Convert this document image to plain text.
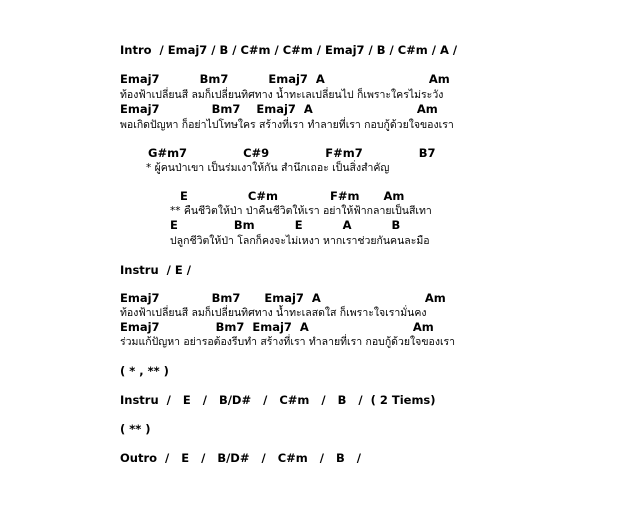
Intro  / Emaj7 / B / C#m / C#m / Emaj7 / B / C#m / A /
Emaj7          Bm7          Emaj7  A                          Am
ท้องฟ้าเปลี่ยนสี ลมก็เปลี่ยนทิศทาง น้ำทะเลเปลี่ยนไป ก็เพราะใครไม่ระวัง
Emaj7             Bm7    Emaj7  A                          Am
พอเกิดปัญหา ก็อย่าไปโทษใคร สร้างที่เรา ทำลายที่เรา กอบกู้ด้วยใจของเรา
G#m7              C#9              F#m7              B7
* ผู้คนป่าเขา เป็นร่มเงาให้กัน สำนึกเถอะ เป็นสิ่งสำคัญ
E               C#m             F#m      Am
** คืนชีวิตให้ป่า ป่าคืนชีวิตให้เรา อย่าให้ฟ้ากลายเป็นสีเทา
E              Bm          E          A          B
ปลูกชีวิตให้ป่า โลกก็คงจะไม่เหงา หากเราช่วยกันคนละมือ
Instru  / E /
Emaj7             Bm7      Emaj7  A                          Am
ท้องฟ้าเปลี่ยนสี ลมก็เปลี่ยนทิศทาง น้ำทะเลสดใส ก็เพราะใจเรามั่นคง
Emaj7              Bm7  Emaj7  A                          Am
ร่วมแก้ปัญหา อย่ารอต้องรีบทำ สร้างที่เรา ทำลายที่เรา กอบกู้ด้วยใจของเรา
( * , ** )
Instru  /   E   /   B/D#   /   C#m   /   B   /  ( 2 Tiems)
( ** )
Outro  /   E   /   B/D#   /   C#m   /   B   /
